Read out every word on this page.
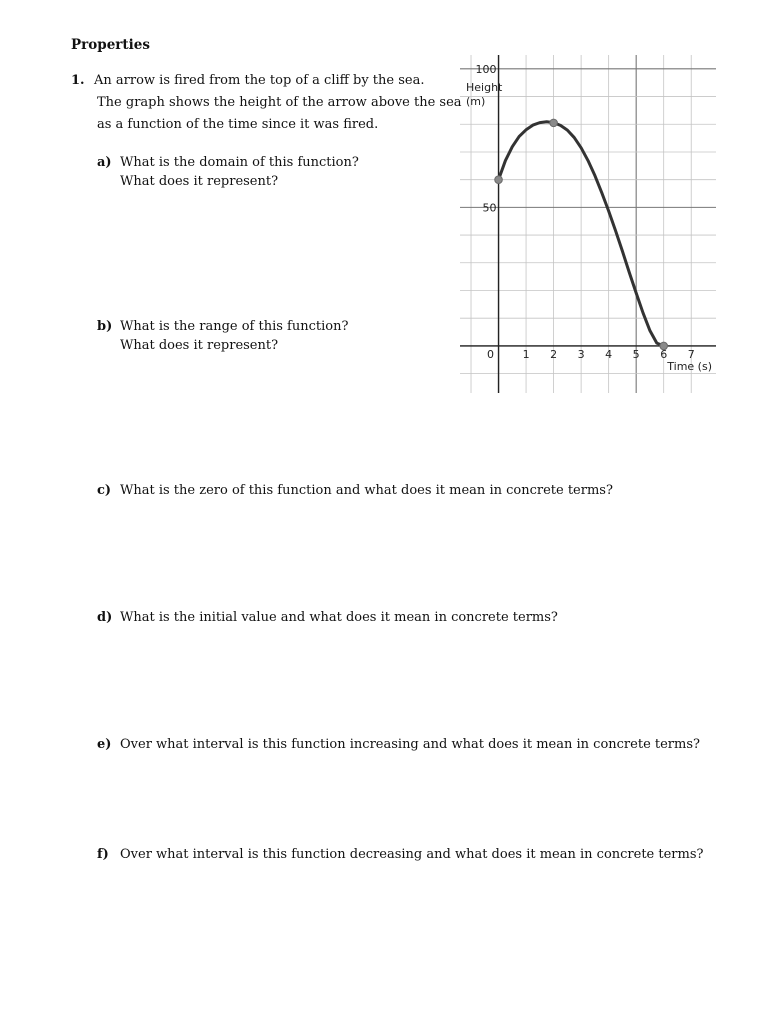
Properties
1. An arrow is fired from the top of a cliff by the sea.
The graph shows the height of the arrow above the sea
as a function of the time since it was fired.
a) What is the domain of this function?
What does it represent?
b) What is the range of this function?
What does it represent?
c) What is the zero of this function and what does it mean in concrete terms?
d) What is the initial value and what does it mean in concrete terms?
e) Over what interval is this function increasing and what does it mean in concrete terms?
f) Over what interval is this function decreasing and what does it mean in concrete terms?
0	1 2 3 4 5 6 7
50
100
Height
(m)
Time (s)
